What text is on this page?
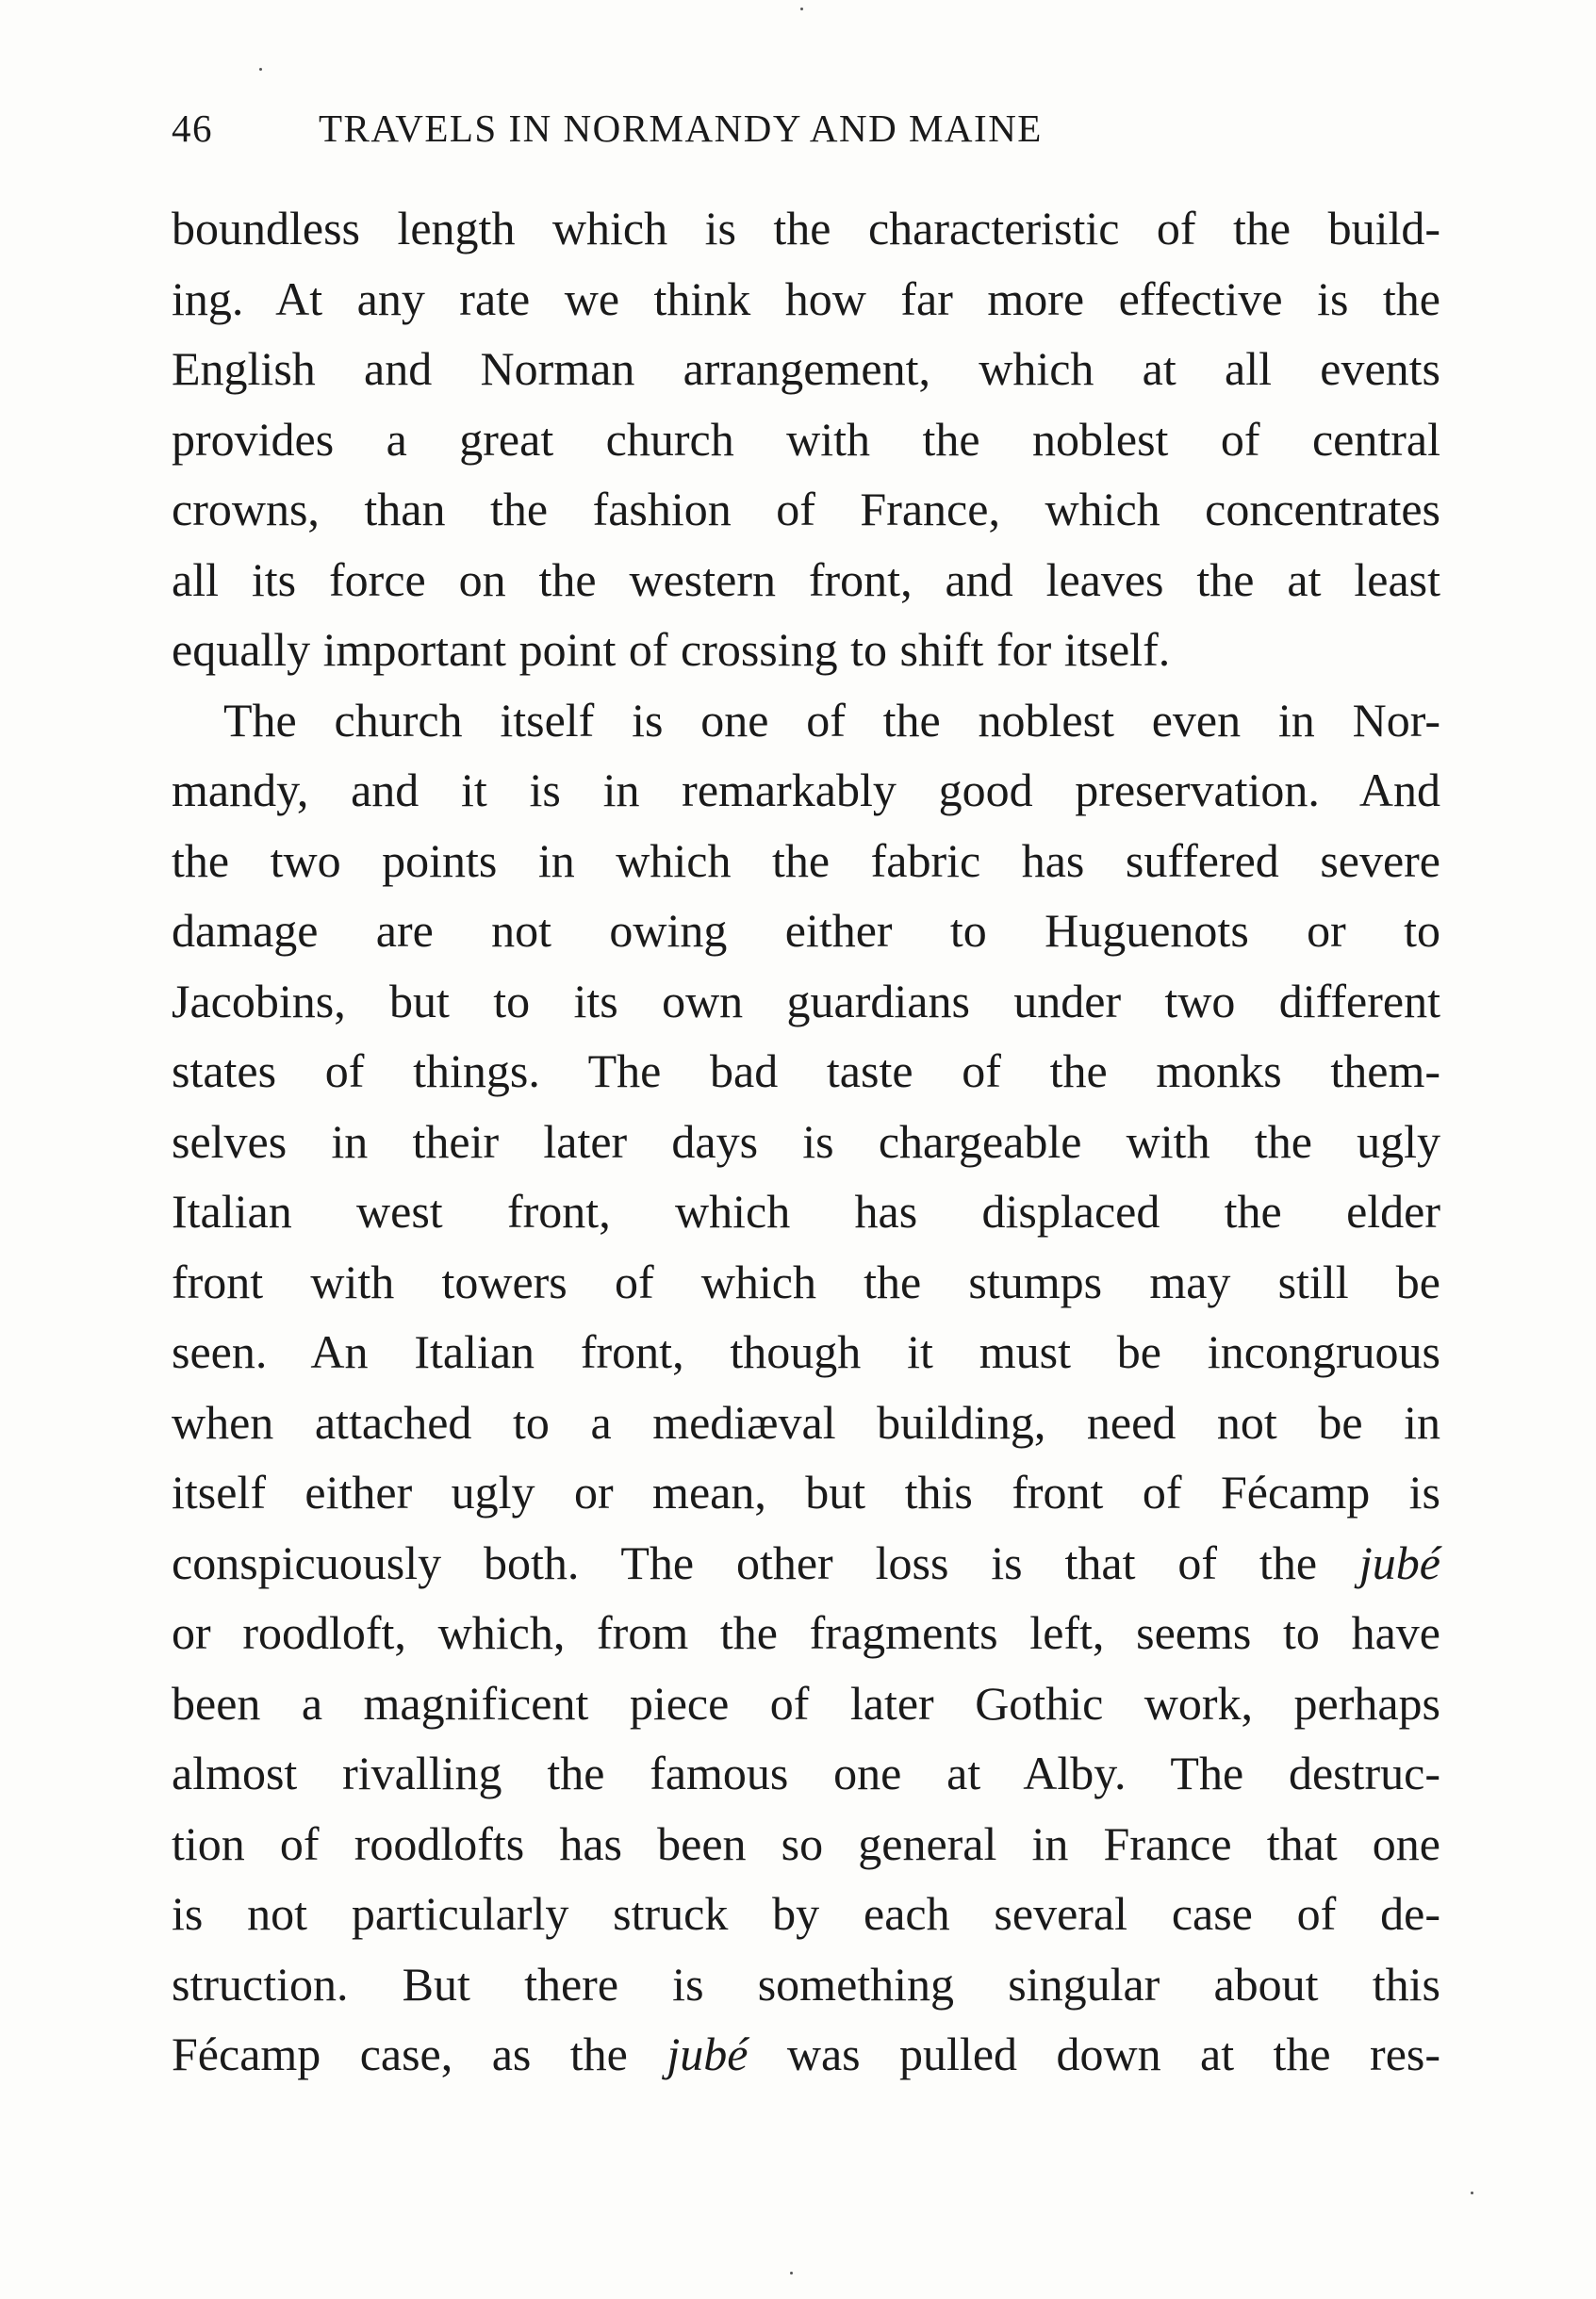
46	TRAVELS IN NORMANDY AND MAINE
boundless length which is the characteristic of the build-
ing. At any rate we think how far more effective is the
English and Norman arrangement, which at all events
provides a great church with the noblest of central
crowns, than the fashion of France, which concentrates
all its force on the western front, and leaves the at least
equally important point of crossing to shift for itself.
The church itself is one of the noblest even in Nor-
mandy, and it is in remarkably good preservation. And
the two points in which the fabric has suffered severe
damage are not owing either to Huguenots or to
Jacobins, but to its own guardians under two different
states of things. The bad taste of the monks them-
selves in their later days is chargeable with the ugly
Italian west front, which has displaced the elder
front with towers of which the stumps may still be
seen. An Italian front, though it must be incongruous
when attached to a mediæval building, need not be in
itself either ugly or mean, but this front of Fécamp is
conspicuously both. The other loss is that of the jubé
or roodloft, which, from the fragments left, seems to have
been a magnificent piece of later Gothic work, perhaps
almost rivalling the famous one at Alby. The destruc-
tion of roodlofts has been so general in France that one
is not particularly struck by each several case of de-
struction. But there is something singular about this
Fécamp case, as the jubé was pulled down at the res-
